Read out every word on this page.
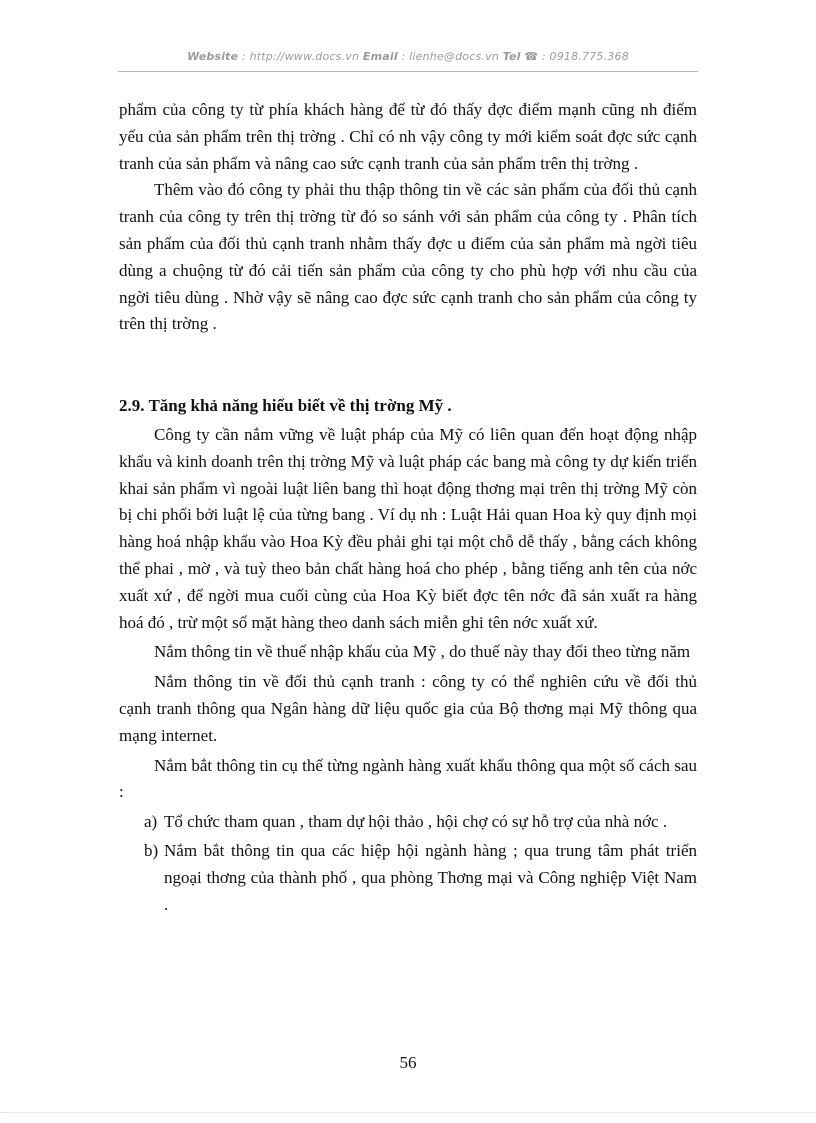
Website : http://www.docs.vn Email : lienhe@docs.vn Tel ☎ : 0918.775.368

phẩm của công ty từ phía khách hàng để từ đó thấy đợc điểm mạnh cũng nh điểm yếu của sản phẩm trên thị trờng . Chỉ có nh vậy công ty mới kiểm soát đợc sức cạnh tranh của sản phẩm và nâng cao sức cạnh tranh của sản phẩm trên thị trờng .

Thêm vào đó công ty phải thu thập thông tin về các sản phẩm của đối thủ cạnh tranh của công ty trên thị trờng từ đó so sánh với sản phẩm của công ty . Phân tích sản phẩm của đối thủ cạnh tranh nhằm thấy đợc u điểm của sản phẩm mà ngời tiêu dùng a chuộng từ đó cải tiến sản phẩm của công ty cho phù hợp với nhu cầu của ngời tiêu dùng . Nhờ vậy sẽ nâng cao đợc sức cạnh tranh cho sản phẩm của công ty trên thị trờng .

2.9. Tăng khả năng hiểu biết về thị trờng Mỹ .

Công ty cần nắm vững về luật pháp của Mỹ có liên quan đến hoạt động nhập khẩu và kinh doanh trên thị trờng Mỹ và luật pháp các bang mà công ty dự kiến triển khai sản phẩm vì ngoài luật liên bang thì hoạt động thơng mại trên thị trờng Mỹ còn bị chi phối bởi luật lệ của từng bang . Ví dụ nh : Luật Hải quan Hoa kỳ quy định mọi hàng hoá nhập khẩu vào Hoa Kỳ đều phải ghi tại một chỗ dễ thấy , bằng cách không thể phai , mờ , và tuỳ theo bản chất hàng hoá cho phép , bằng tiếng anh tên của nớc xuất xứ , để ngời mua cuối cùng của Hoa Kỳ biết đợc tên nớc đã sản xuất ra hàng hoá đó , trừ một số mặt hàng theo danh sách miễn ghi tên nớc xuất xứ.

Nắm thông tin về thuế nhập khẩu của Mỹ , do thuế này thay đổi theo từng năm

Nắm thông tin về đối thủ cạnh tranh : công ty có thể nghiên cứu về đối thủ cạnh tranh thông qua Ngân hàng dữ liệu quốc gia của Bộ thơng mại Mỹ thông qua mạng internet.

Nắm bắt thông tin cụ thể từng ngành hàng xuất khẩu thông qua một số cách sau :

a) Tổ chức tham quan , tham dự hội thảo , hội chợ có sự hỗ trợ của nhà nớc .
b) Nắm bắt thông tin qua các hiệp hội ngành hàng ; qua trung tâm phát triển ngoại thơng của thành phố , qua phòng Thơng mại và Công nghiệp Việt Nam .
56
